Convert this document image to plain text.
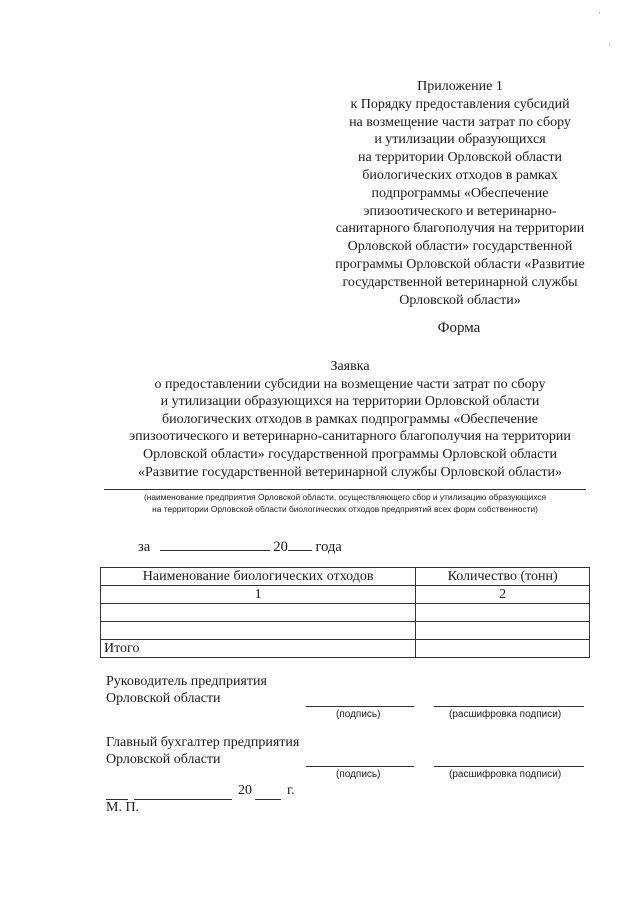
·
·
Приложение 1
к Порядку предоставления субсидий
на возмещение части затрат по сбору
и утилизации образующихся
на территории Орловской области
биологических отходов в рамках
подпрограммы «Обеспечение
эпизоотического и ветеринарно-
санитарного благополучия на территории
Орловской области» государственной
программы Орловской области «Развитие
государственной ветеринарной службы
Орловской области»
Форма
Заявка
о предоставлении субсидии на возмещение части затрат по сбору
и утилизации образующихся на территории Орловской области
биологических отходов в рамках подпрограммы «Обеспечение
эпизоотического и ветеринарно-санитарного благополучия на территории
Орловской области» государственной программы Орловской области
«Развитие государственной ветеринарной службы Орловской области»
(наименование предприятия Орловской области, осуществляющего сбор и утилизацию образующихся
на территории Орловской области биологических отходов предприятий всех форм собственности)
за	20 года
Наименование биологических отходов	Количество (тонн)
1	2

Итого	
Руководитель предприятия
Орловской области
(подпись)	(расшифровка подписи)
Главный бухгалтер предприятия
Орловской области
(подпись)	(расшифровка подписи)
20	г.
М. П.
